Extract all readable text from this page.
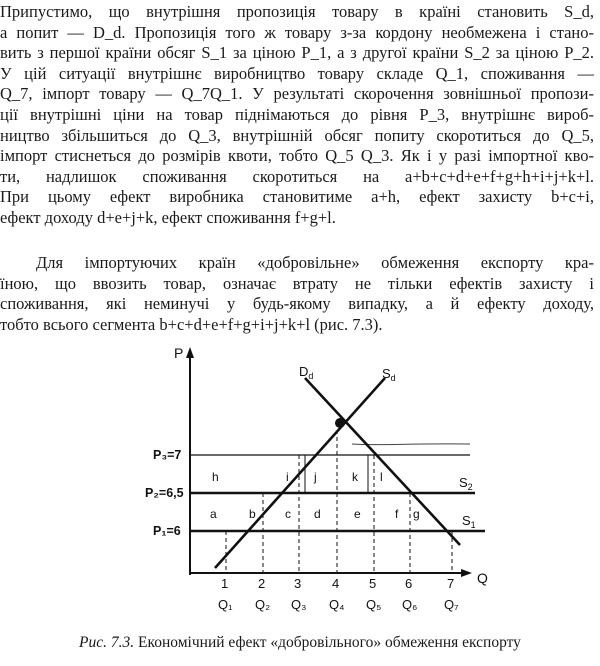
Припустимо, що внутрішня пропозиція товару в країні становить S_d,
а попит — D_d. Пропозиція того ж товару з-за кордону необмежена і стано-
вить з першої країни обсяг S_1 за ціною P_1, а з другої країни S_2 за ціною P_2.
У цій ситуації внутрішнє виробництво товару складе Q_1, споживання —
Q_7, імпорт товару — Q_7Q_1. У результаті скорочення зовнішньої пропози-
ції внутрішні ціни на товар піднімаються до рівня P_3, внутрішнє вироб-
ництво збільшиться до Q_3, внутрішній обсяг попиту скоротиться до Q_5,
імпорт стиснеться до розмірів квоти, тобто Q_5 Q_3. Як і у разі імпортної кво-
ти, надлишок споживання скоротиться на a+b+c+d+e+f+g+h+i+j+k+l.
При цьому ефект виробника становитиме a+h, ефект захисту b+c+i,
ефект доходу d+e+j+k, ефект споживання f+g+l.
Для імпортуючих країн «добровільне» обмеження експорту кра-
їною, що ввозить товар, означає втрату не тільки ефектів захисту і
споживання, які неминучі у будь-якому випадку, а й ефекту доходу,
тобто всього сегмента b+c+d+e+f+g+i+j+k+l (рис. 7.3).
P
Q
P₃=7
P₂=6,5
P₁=6
$D_d$	$S_d$
$S_2$
$S_1$
h	i j	k l
a	b c d	e	f g
1 2 3 4 5 6	7
Q₁ Q₂ Q₃ Q₄ Q₅ Q₆ Q₇
Рис. 7.3. Економічний ефект «добровільного» обмеження експорту
